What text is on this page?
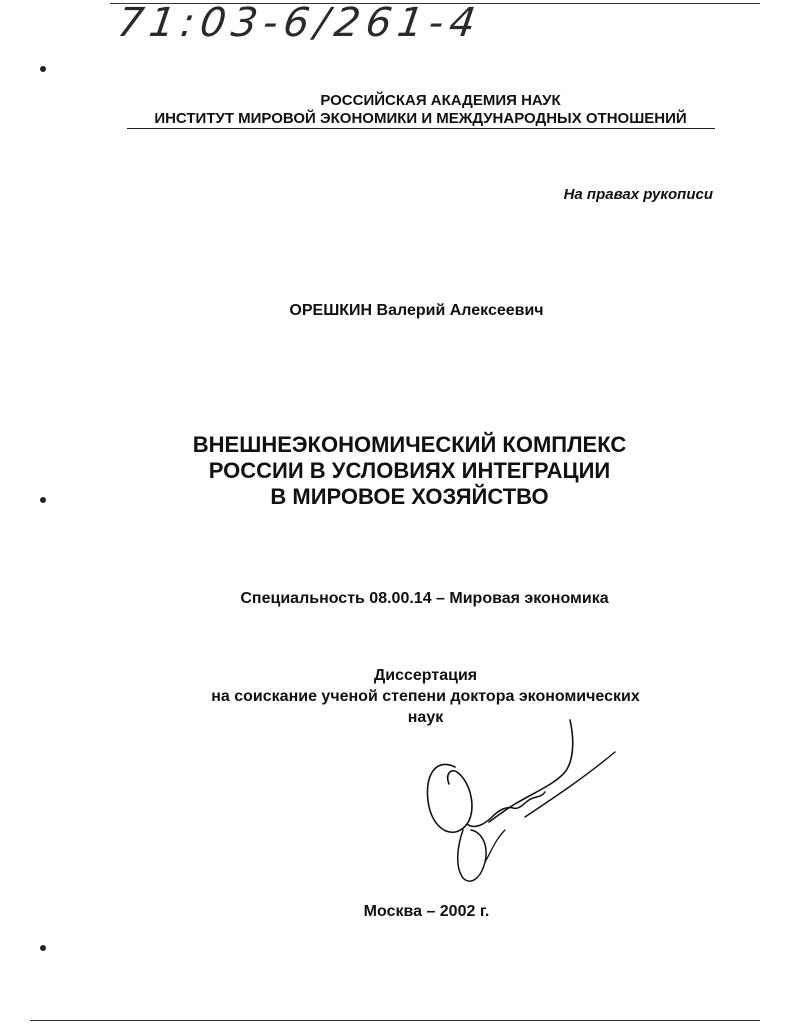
71:03-6/261-4
РОССИЙСКАЯ АКАДЕМИЯ НАУК
ИНСТИТУТ МИРОВОЙ ЭКОНОМИКИ И МЕЖДУНАРОДНЫХ ОТНОШЕНИЙ
На правах рукописи
ОРЕШКИН Валерий Алексеевич
ВНЕШНЕЭКОНОМИЧЕСКИЙ КОМПЛЕКС
РОССИИ В УСЛОВИЯХ ИНТЕГРАЦИИ
В МИРОВОЕ ХОЗЯЙСТВО
Специальность 08.00.14 – Мировая экономика
Диссертация
на соискание ученой степени доктора экономических
наук
Москва – 2002 г.
